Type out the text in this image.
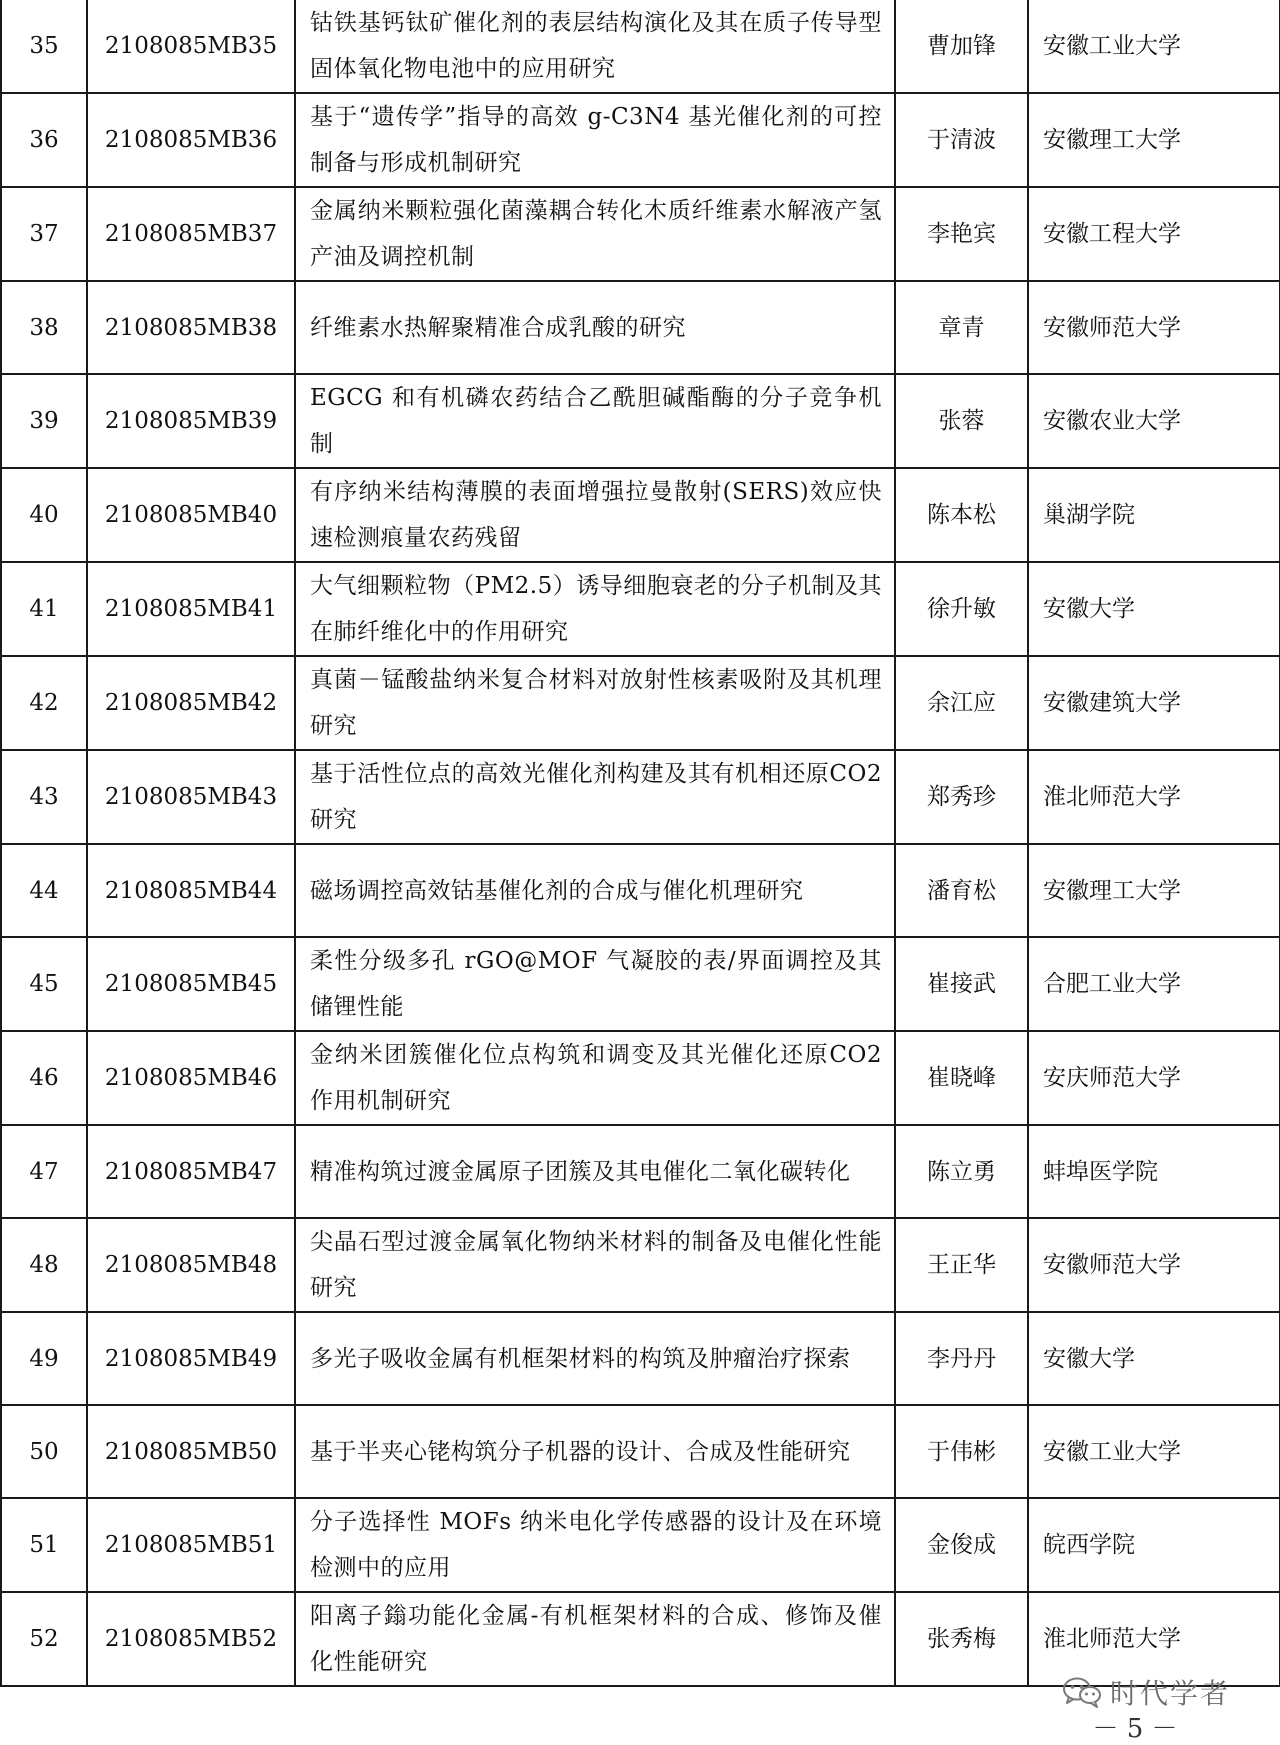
35	2108085MB35	钴铁基钙钛矿催化剂的表层结构演化及其在质子传导型固体氧化物电池中的应用研究	曹加锋	安徽工业大学
36	2108085MB36	基于“遗传学”指导的高效 g-C3N4 基光催化剂的可控制备与形成机制研究	于清波	安徽理工大学
37	2108085MB37	金属纳米颗粒强化菌藻耦合转化木质纤维素水解液产氢产油及调控机制	李艳宾	安徽工程大学
38	2108085MB38	纤维素水热解聚精准合成乳酸的研究	章青	安徽师范大学
39	2108085MB39	EGCG 和有机磷农药结合乙酰胆碱酯酶的分子竞争机制	张蓉	安徽农业大学
40	2108085MB40	有序纳米结构薄膜的表面增强拉曼散射(SERS)效应快速检测痕量农药残留	陈本松	巢湖学院
41	2108085MB41	大气细颗粒物（PM2.5）诱导细胞衰老的分子机制及其在肺纤维化中的作用研究	徐升敏	安徽大学
42	2108085MB42	真菌－锰酸盐纳米复合材料对放射性核素吸附及其机理研究	余江应	安徽建筑大学
43	2108085MB43	基于活性位点的高效光催化剂构建及其有机相还原CO2 研究	郑秀珍	淮北师范大学
44	2108085MB44	磁场调控高效钴基催化剂的合成与催化机理研究	潘育松	安徽理工大学
45	2108085MB45	柔性分级多孔 rGO@MOF 气凝胶的表/界面调控及其储锂性能	崔接武	合肥工业大学
46	2108085MB46	金纳米团簇催化位点构筑和调变及其光催化还原CO2 作用机制研究	崔晓峰	安庆师范大学
47	2108085MB47	精准构筑过渡金属原子团簇及其电催化二氧化碳转化	陈立勇	蚌埠医学院
48	2108085MB48	尖晶石型过渡金属氧化物纳米材料的制备及电催化性能研究	王正华	安徽师范大学
49	2108085MB49	多光子吸收金属有机框架材料的构筑及肿瘤治疗探索	李丹丹	安徽大学
50	2108085MB50	基于半夹心铑构筑分子机器的设计、合成及性能研究	于伟彬	安徽工业大学
51	2108085MB51	分子选择性 MOFs 纳米电化学传感器的设计及在环境检测中的应用	金俊成	皖西学院
52	2108085MB52	阳离子鎓功能化金属-有机框架材料的合成、修饰及催化性能研究	张秀梅	淮北师范大学
时代学者
－ 5 －
